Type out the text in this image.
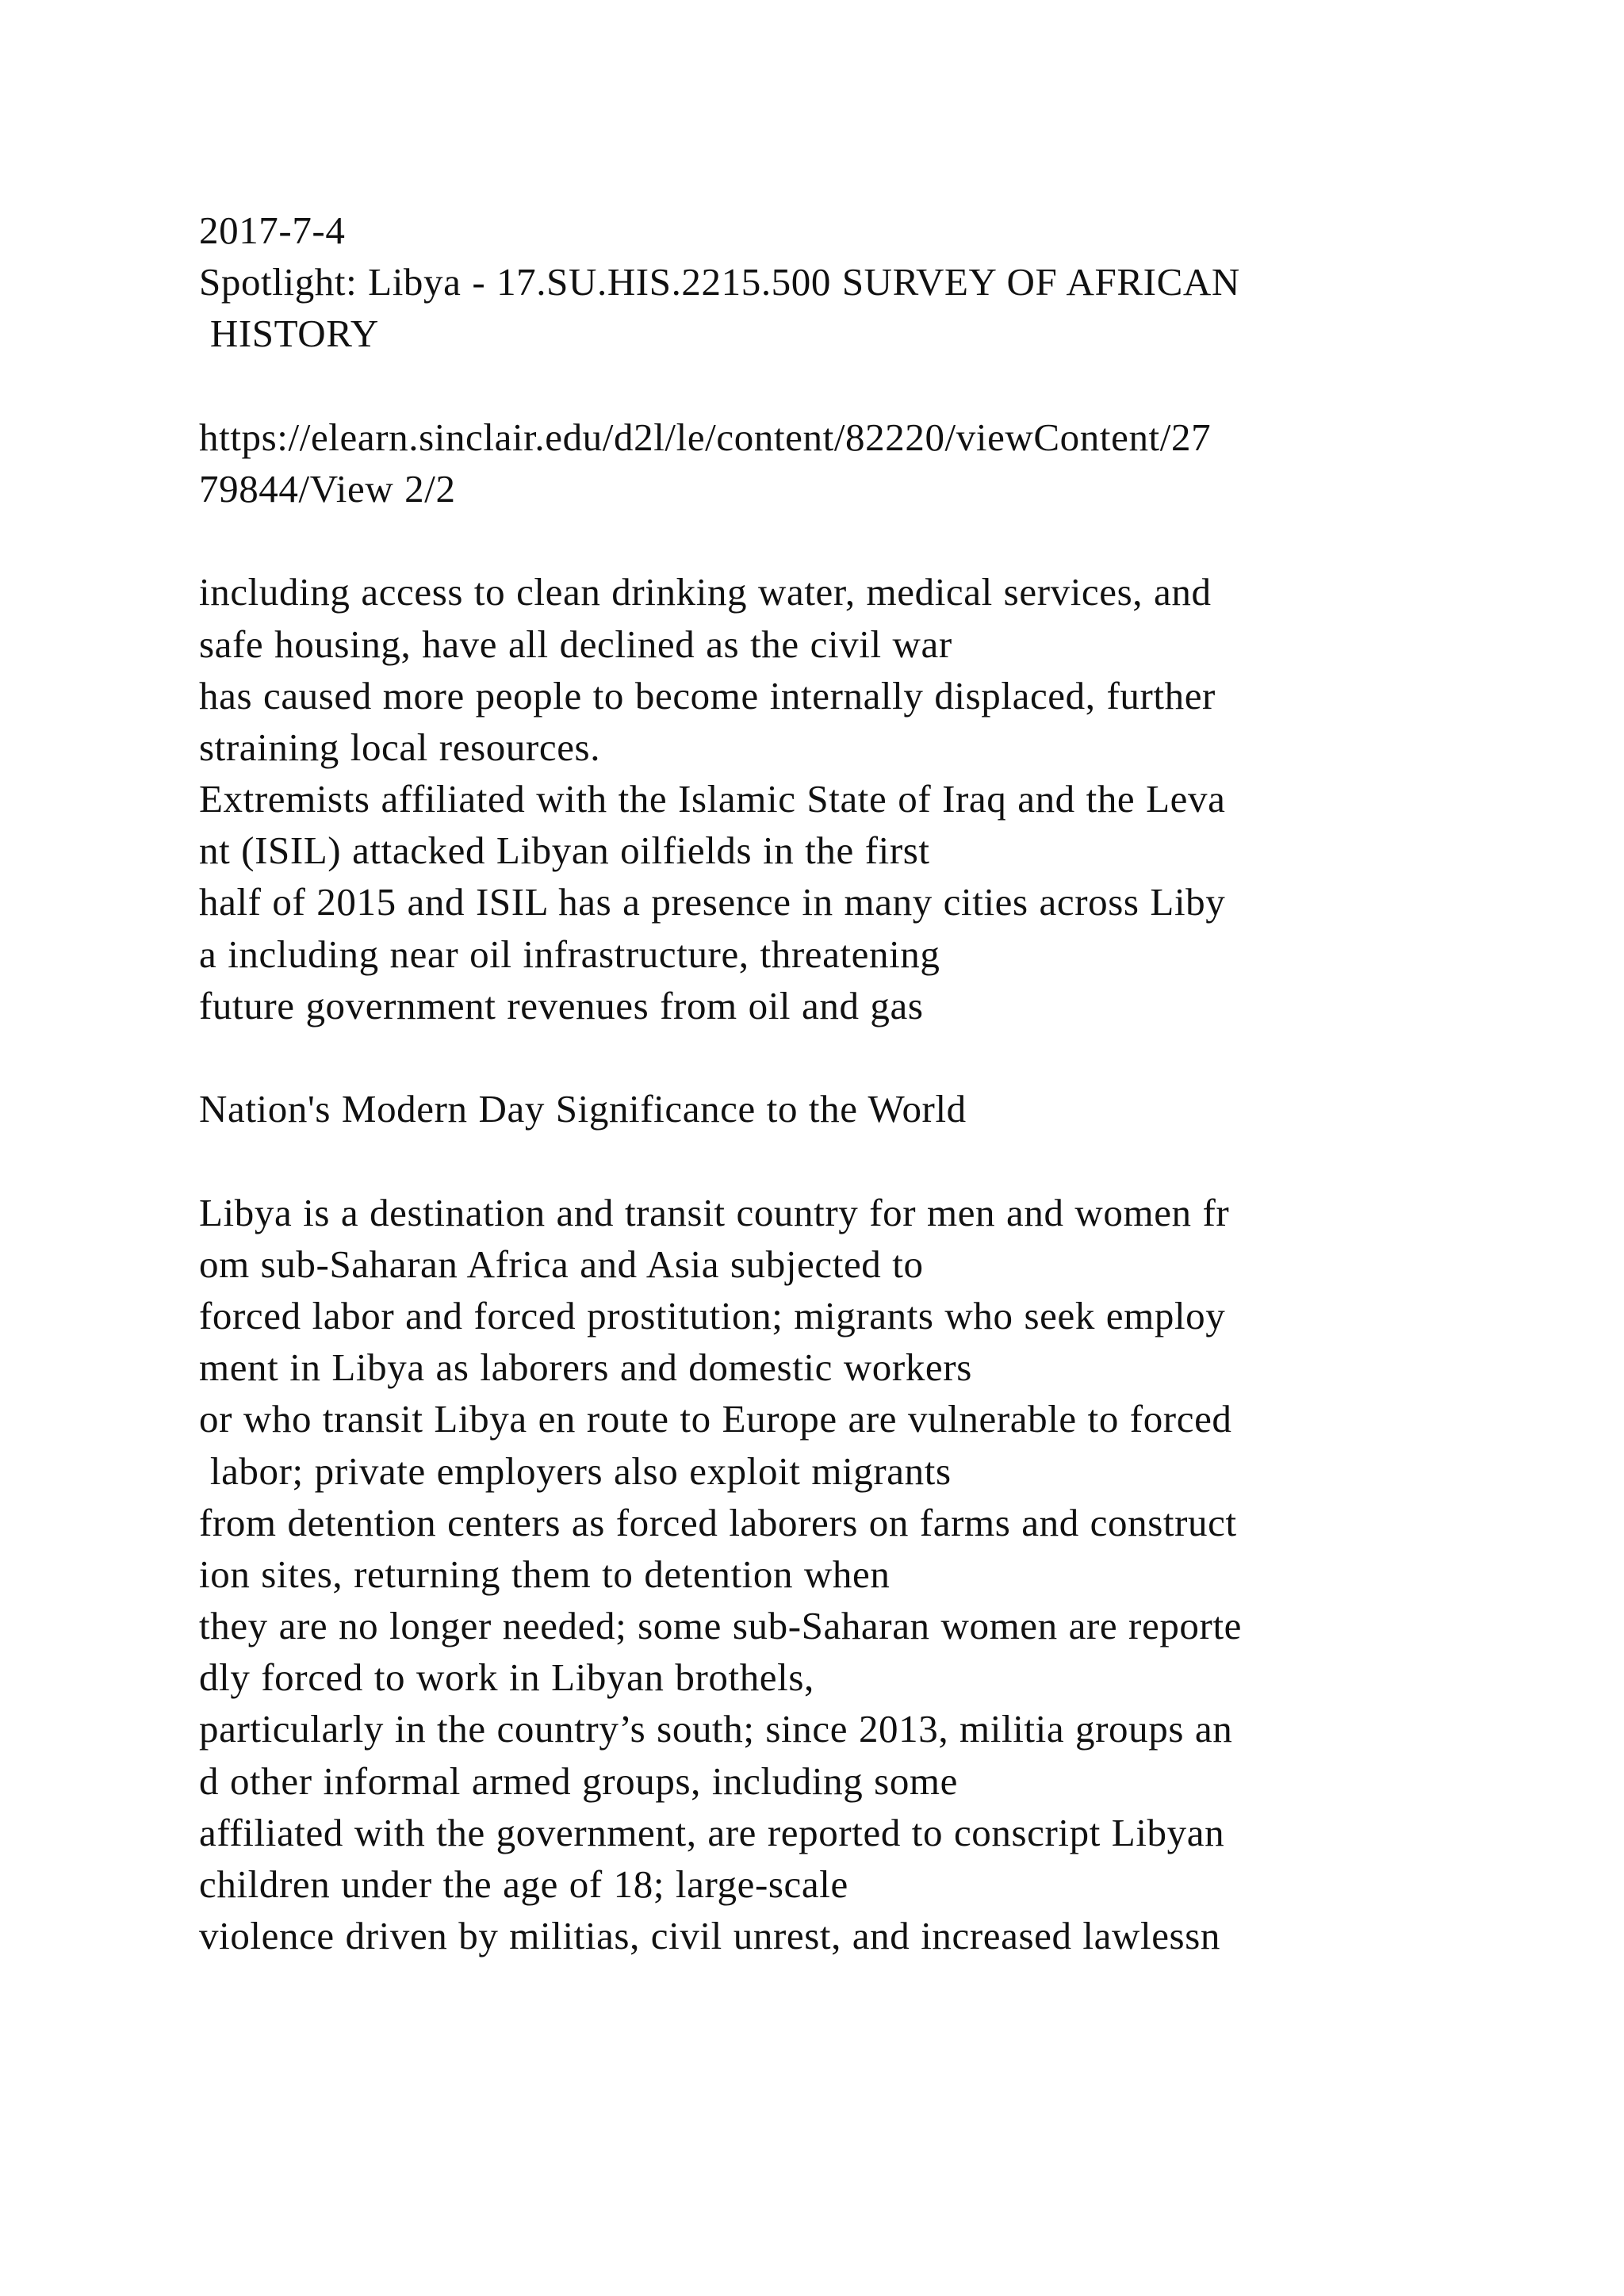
2017-7-4
Spotlight: Libya - 17.SU.HIS.2215.500 SURVEY OF AFRICAN
HISTORY
https://elearn.sinclair.edu/d2l/le/content/82220/viewContent/27
79844/View 2/2
including access to clean drinking water, medical services, and
safe housing, have all declined as the civil war
has caused more people to become internally displaced, further
straining local resources.
Extremists affiliated with the Islamic State of Iraq and the Leva
nt (ISIL) attacked Libyan oilfields in the first
half of 2015 and ISIL has a presence in many cities across Liby
a including near oil infrastructure, threatening
future government revenues from oil and gas
Nation's Modern Day Significance to the World
Libya is a destination and transit country for men and women fr
om sub-Saharan Africa and Asia subjected to
forced labor and forced prostitution; migrants who seek employ
ment in Libya as laborers and domestic workers
or who transit Libya en route to Europe are vulnerable to forced
labor; private employers also exploit migrants
from detention centers as forced laborers on farms and construct
ion sites, returning them to detention when
they are no longer needed; some sub-Saharan women are reporte
dly forced to work in Libyan brothels,
particularly in the country’s south; since 2013, militia groups an
d other informal armed groups, including some
affiliated with the government, are reported to conscript Libyan
children under the age of 18; large-scale
violence driven by militias, civil unrest, and increased lawlessn
